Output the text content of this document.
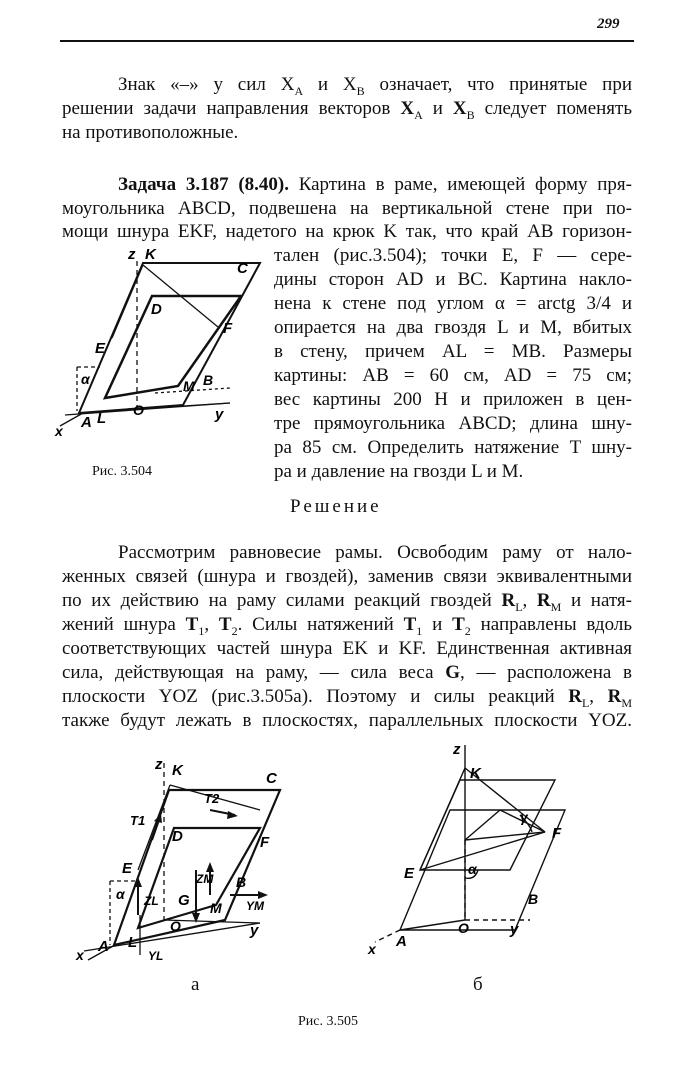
299
Знак «–» у сил $X_A$ и $X_B$ означает, что принятые при
решении задачи направления векторов $X_A$ и $X_B$ следует поменять
на противоположные.
Задача 3.187 (8.40). Картина в раме, имеющей форму пря-
моугольника ABCD, подвешена на вертикальной стене при по-
мощи шнура EKF, надетого на крюк K так, что край AB горизон-
тален (рис.3.504); точки E, F — сере-
дины сторон AD и BC. Картина накло-
нена к стене под углом α = arctg 3/4 и
опирается на два гвоздя L и M, вбитых
в стену, причем AL = MB. Размеры
картины: AB = 60 см, AD = 75 см;
вес картины 200 Н и приложен в цен-
тре прямоугольника ABCD; длина шну-
ра 85 см. Определить натяжение T шну-
ра и давление на гвозди L и M.
z K
C
D
F
E
α	M B
L O	y
A
x
Рис. 3.504
Решение
Рассмотрим равновесие рамы. Освободим раму от нало-
женных связей (шнура и гвоздей), заменив связи эквивалентными
по их действию на раму силами реакций гвоздей $R_L$, $R_M$ и натя-
жений шнура $T_1$, $T_2$. Силы натяжений $T_1$ и $T_2$ направлены вдоль
соответствующих частей шнура EK и KF. Единственная активная
сила, действующая на раму, — сила веса G, — расположена в
плоскости YOZ (рис.3.505а). Поэтому и силы реакций $R_L$, $R_M$
также будут лежать в плоскостях, параллельных плоскости YOZ.
z K	C
T2
T1
D	F
E
α ZL G
ZM B
YM
M
L
O	y
A
x	YL
а
z
K
γ
F
E	α
B
O	y
A
x
б
Рис. 3.505
